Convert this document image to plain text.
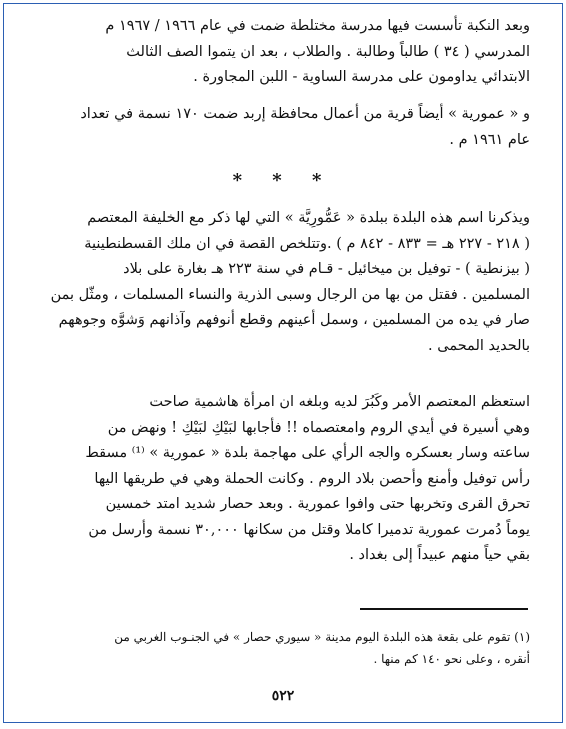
وبعد النكبة تأسست فيها مدرسة مختلطة ضمت في عام ١٩٦٦ / ١٩٦٧ م
المدرسي ( ٣٤ ) طالباً وطالبة . والطلاب ، بعد ان يتموا الصف الثالث
الابتدائي يداومون على مدرسة الساوية - اللبن المجاورة .
و « عمورية » أيضاً قرية من أعمال محافظة إربد ضمت ١٧٠ نسمة في تعداد
عام ١٩٦١ م .
* * *
ويذكرنا اسم هذه البلدة ببلدة « عَمُّورِيَّة » التي لها ذكر مع الخليفة المعتصم
( ٢١٨ - ٢٢٧ هـ = ٨٣٣ - ٨٤٢ م ) .وتتلخص القصة في ان ملك القسطنطينية
( بيزنطية ) - توفيل بن ميخائيل - قـام في سنة ٢٢٣ هـ بغارة على بلاد
المسلمين . فقتل من بها من الرجال وسبى الذرية والنساء المسلمات ، ومثّل بمن
صار في يده من المسلمين ، وسمل أعينهم وقطع أنوفهم وآذانهم وَشوَّه وجوههم
بالحديد المحمى .
استعظم المعتصم الأمر وكَبُرَ لديه وبلغه ان امرأة هاشمية صاحت
وهي أسيرة في أيدي الروم وامعتصماه !! فأجابها لبَيْكِ لبَيْكِ ! ونهض من
ساعته وسار بعسكره والجه الرأي على مهاجمة بلدة « عمورية » ⁽¹⁾ مسقط
رأس توفيل وأمنع وأحصن بلاد الروم . وكانت الحملة وهي في طريقها اليها
تحرق القرى وتخربها حتى وافوا عمورية . وبعد حصار شديد امتد خمسين
يوماً دُمرت عمورية تدميرا كاملا وقتل من سكانها ٣٠,٠٠٠ نسمة وأرسل من
بقي حياً منهم عبيداً إلى بغداد .
(١) تقوم على بقعة هذه البلدة اليوم مدينة « سيوري حصار » في الجنـوب الغربي من
أنقره ، وعلى نحو ١٤٠ كم منها .
٥٢٢
